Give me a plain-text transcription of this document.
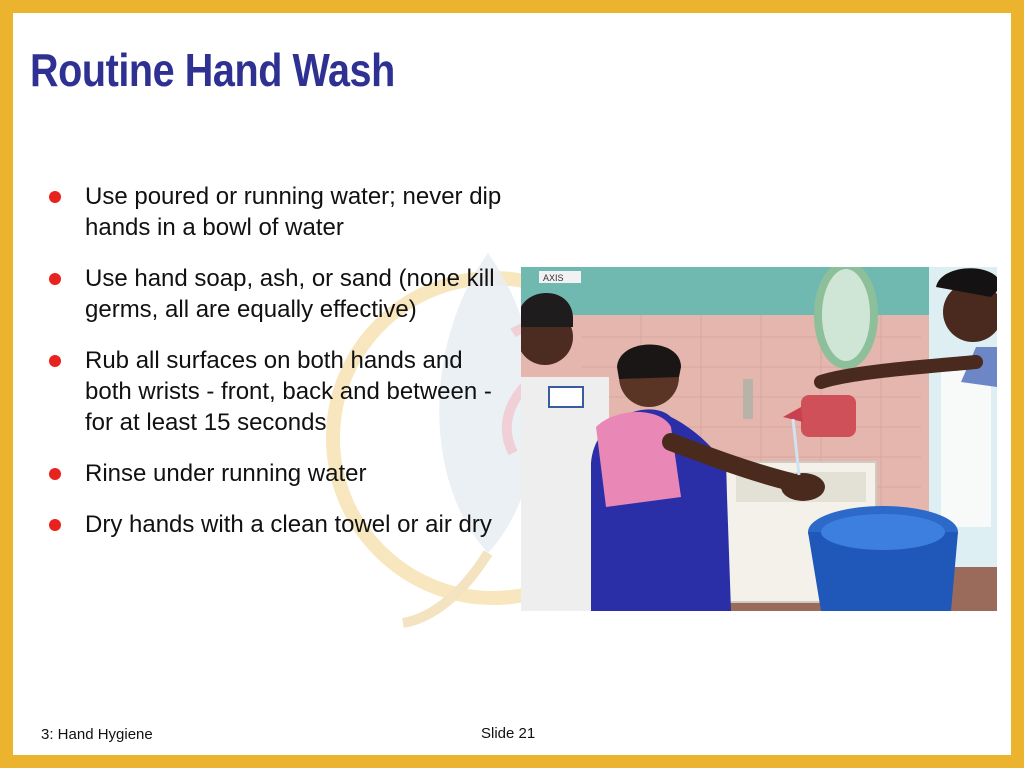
Routine Hand Wash
Use poured or running water; never dip hands in a bowl of water
Use hand soap, ash, or sand (none kill germs, all are equally effective)
Rub all surfaces on both hands and both wrists - front, back and between - for at least 15 seconds
Rinse under running water
Dry hands with a clean towel or air dry
AXIS
3: Hand Hygiene	Slide 21
